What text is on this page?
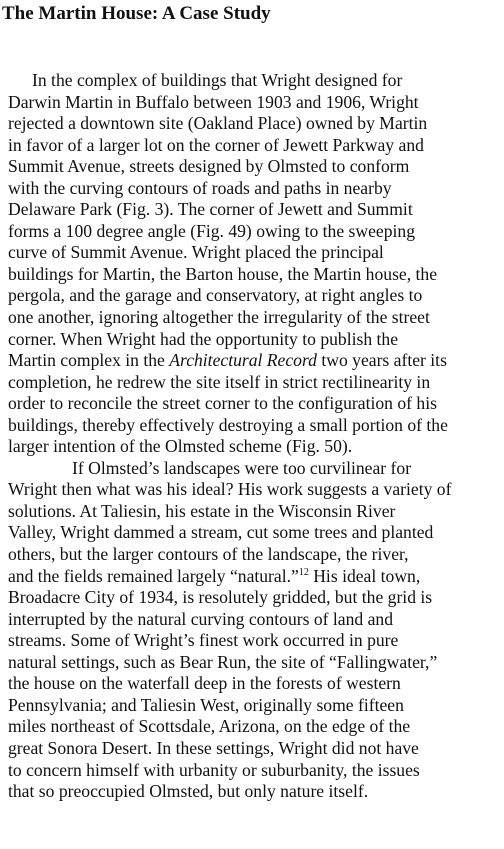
The Martin House: A Case Study

In the complex of buildings that Wright designed for
Darwin Martin in Buffalo between 1903 and 1906, Wright
rejected a downtown site (Oakland Place) owned by Martin
in favor of a larger lot on the corner of Jewett Parkway and
Summit Avenue, streets designed by Olmsted to conform
with the curving contours of roads and paths in nearby
Delaware Park (Fig. 3). The corner of Jewett and Summit
forms a 100 degree angle (Fig. 49) owing to the sweeping
curve of Summit Avenue. Wright placed the principal
buildings for Martin, the Barton house, the Martin house, the
pergola, and the garage and conservatory, at right angles to
one another, ignoring altogether the irregularity of the street
corner. When Wright had the opportunity to publish the
Martin complex in the Architectural Record two years after its
completion, he redrew the site itself in strict rectilinearity in
order to reconcile the street corner to the configuration of his
buildings, thereby effectively destroying a small portion of the
larger intention of the Olmsted scheme (Fig. 50).

If Olmsted’s landscapes were too curvilinear for
Wright then what was his ideal? His work suggests a variety of
solutions. At Taliesin, his estate in the Wisconsin River
Valley, Wright dammed a stream, cut some trees and planted
others, but the larger contours of the landscape, the river,
and the fields remained largely “natural.”$^{12}$ His ideal town,
Broadacre City of 1934, is resolutely gridded, but the grid is
interrupted by the natural curving contours of land and
streams. Some of Wright’s finest work occurred in pure
natural settings, such as Bear Run, the site of “Fallingwater,”
the house on the waterfall deep in the forests of western
Pennsylvania; and Taliesin West, originally some fifteen
miles northeast of Scottsdale, Arizona, on the edge of the
great Sonora Desert. In these settings, Wright did not have
to concern himself with urbanity or suburbanity, the issues
that so preoccupied Olmsted, but only nature itself.
